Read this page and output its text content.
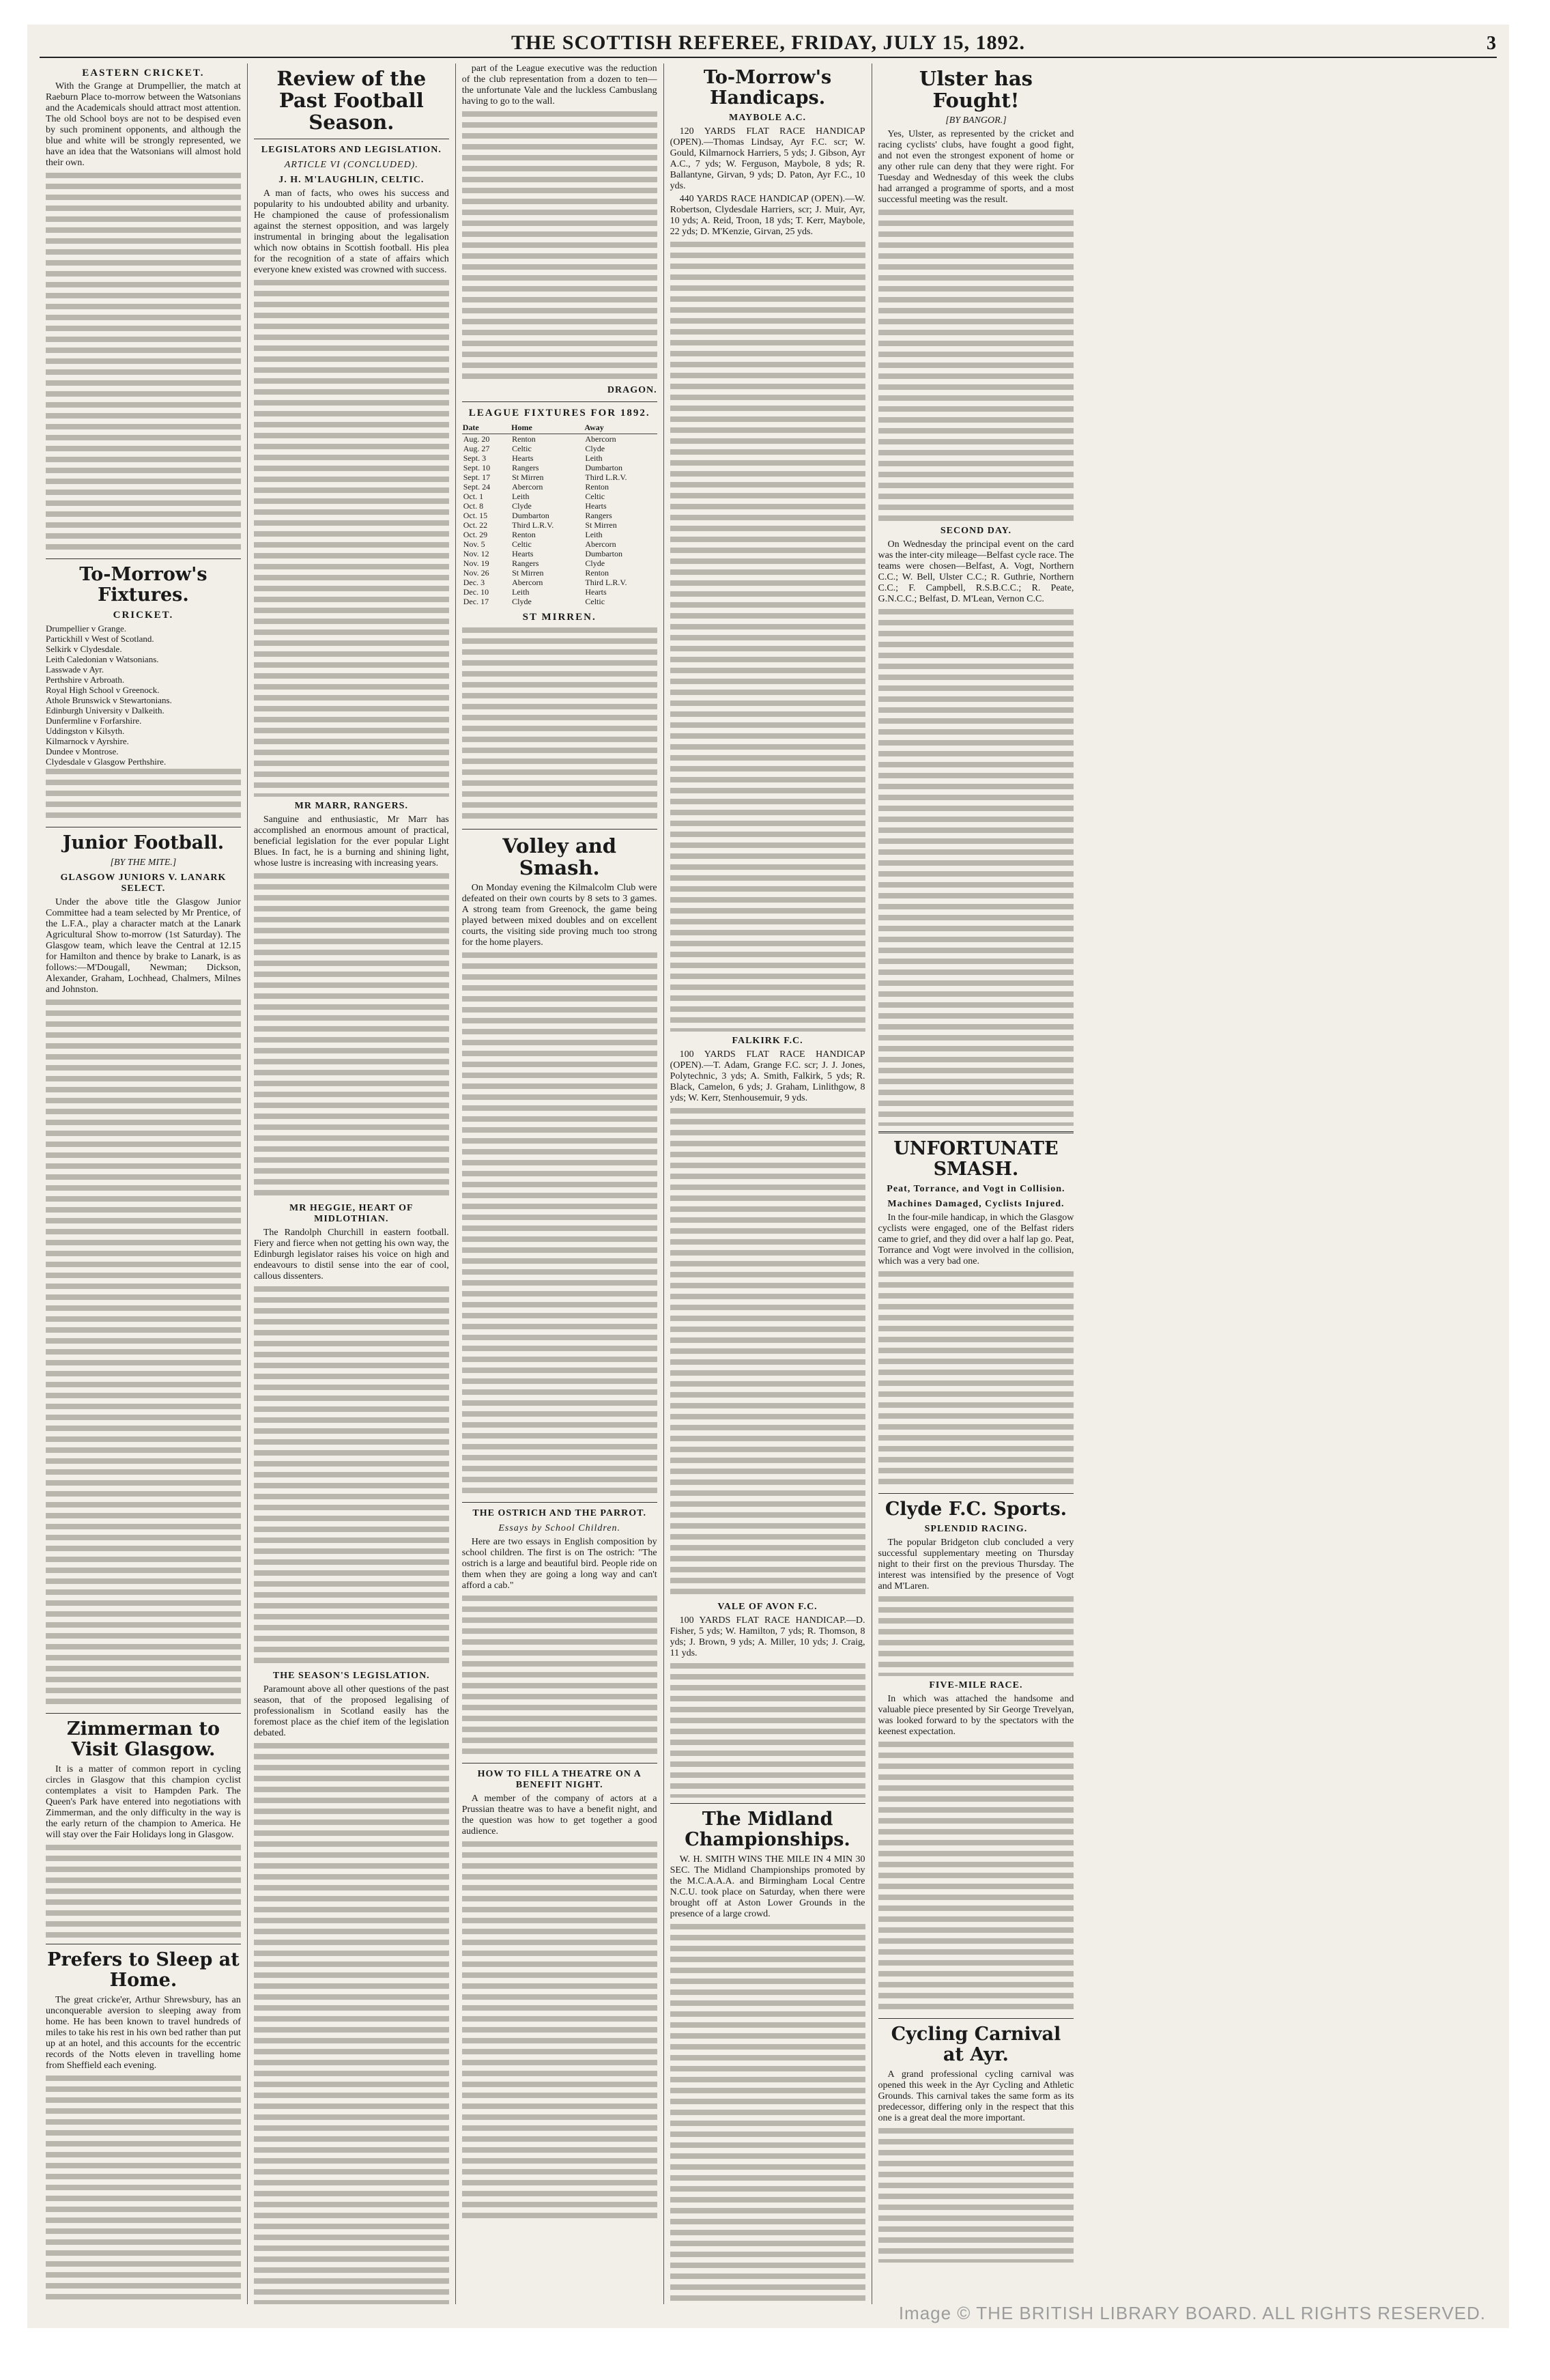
THE SCOTTISH REFEREE, FRIDAY, JULY 15, 1892.	3
EASTERN CRICKET.

With the Grange at Drumpellier, the match at Raeburn Place to-morrow between the Watsonians and the Academicals should attract most attention. The old School boys are not to be despised even by such prominent opponents, and although the blue and white will be strongly represented, we have an idea that the Watsonians will almost hold their own.

To-Morrow's Fixtures.
CRICKET.
Drumpellier v Grange.
Partickhill v West of Scotland.
Selkirk v Clydesdale.
Leith Caledonian v Watsonians.
Lasswade v Ayr.
Perthshire v Arbroath.
Royal High School v Greenock.
Athole Brunswick v Stewartonians.
Edinburgh University v Dalkeith.
Dunfermline v Forfarshire.
Uddingston v Kilsyth.
Kilmarnock v Ayrshire.
Dundee v Montrose.
Clydesdale v Glasgow Perthshire.
Junior Football.
[BY THE MITE.]
GLASGOW JUNIORS V. LANARK SELECT.

Under the above title the Glasgow Junior Committee had a team selected by Mr Prentice, of the L.F.A., play a character match at the Lanark Agricultural Show to-morrow (1st Saturday). The Glasgow team, which leave the Central at 12.15 for Hamilton and thence by brake to Lanark, is as follows:—M'Dougall, Newman; Dickson, Alexander, Graham, Lochhead, Chalmers, Milnes and Johnston.

Zimmerman to Visit Glasgow.

It is a matter of common report in cycling circles in Glasgow that this champion cyclist contemplates a visit to Hampden Park. The Queen's Park have entered into negotiations with Zimmerman, and the only difficulty in the way is the early return of the champion to America. He will stay over the Fair Holidays long in Glasgow.

Prefers to Sleep at Home.

The great cricke'er, Arthur Shrewsbury, has an unconquerable aversion to sleeping away from home. He has been known to travel hundreds of miles to take his rest in his own bed rather than put up at an hotel, and this accounts for the eccentric records of the Notts eleven in travelling home from Sheffield each evening.

Review of the Past Football Season.
LEGISLATORS AND LEGISLATION.
ARTICLE VI (CONCLUDED).
J. H. M'LAUGHLIN, CELTIC.

A man of facts, who owes his success and popularity to his undoubted ability and urbanity. He championed the cause of professionalism against the sternest opposition, and was largely instrumental in bringing about the legalisation which now obtains in Scottish football. His plea for the recognition of a state of affairs which everyone knew existed was crowned with success.

MR MARR, RANGERS.

Sanguine and enthusiastic, Mr Marr has accomplished an enormous amount of practical, beneficial legislation for the ever popular Light Blues. In fact, he is a burning and shining light, whose lustre is increasing with increasing years.

MR HEGGIE, HEART OF MIDLOTHIAN.

The Randolph Churchill in eastern football. Fiery and fierce when not getting his own way, the Edinburgh legislator raises his voice on high and endeavours to distil sense into the ear of cool, callous dissenters.

THE SEASON'S LEGISLATION.

Paramount above all other questions of the past season, that of the proposed legalising of professionalism in Scotland easily has the foremost place as the chief item of the legislation debated.

part of the League executive was the reduction of the club representation from a dozen to ten—the unfortunate Vale and the luckless Cambuslang having to go to the wall.

DRAGON.
LEAGUE FIXTURES FOR 1892.
Date	Home	Away
Aug. 20	Renton	Abercorn
Aug. 27	Celtic	Clyde
Sept. 3	Hearts	Leith
Sept. 10	Rangers	Dumbarton
Sept. 17	St Mirren	Third L.R.V.
Sept. 24	Abercorn	Renton
Oct. 1	Leith	Celtic
Oct. 8	Clyde	Hearts
Oct. 15	Dumbarton	Rangers
Oct. 22	Third L.R.V.	St Mirren
Oct. 29	Renton	Leith
Nov. 5	Celtic	Abercorn
Nov. 12	Hearts	Dumbarton
Nov. 19	Rangers	Clyde
Nov. 26	St Mirren	Renton
Dec. 3	Abercorn	Third L.R.V.
Dec. 10	Leith	Hearts
Dec. 17	Clyde	Celtic
ST MIRREN.
Volley and Smash.

On Monday evening the Kilmalcolm Club were defeated on their own courts by 8 sets to 3 games. A strong team from Greenock, the game being played between mixed doubles and on excellent courts, the visiting side proving much too strong for the home players.

THE OSTRICH AND THE PARROT.
Essays by School Children.

Here are two essays in English composition by school children. The first is on The ostrich: "The ostrich is a large and beautiful bird. People ride on them when they are going a long way and can't afford a cab."

HOW TO FILL A THEATRE ON A BENEFIT NIGHT.

A member of the company of actors at a Prussian theatre was to have a benefit night, and the question was how to get together a good audience.

To-Morrow's Handicaps.
MAYBOLE A.C.

120 YARDS FLAT RACE HANDICAP (OPEN).—Thomas Lindsay, Ayr F.C. scr; W. Gould, Kilmarnock Harriers, 5 yds; J. Gibson, Ayr A.C., 7 yds; W. Ferguson, Maybole, 8 yds; R. Ballantyne, Girvan, 9 yds; D. Paton, Ayr F.C., 10 yds.

440 YARDS RACE HANDICAP (OPEN).—W. Robertson, Clydesdale Harriers, scr; J. Muir, Ayr, 10 yds; A. Reid, Troon, 18 yds; T. Kerr, Maybole, 22 yds; D. M'Kenzie, Girvan, 25 yds.

FALKIRK F.C.

100 YARDS FLAT RACE HANDICAP (OPEN).—T. Adam, Grange F.C. scr; J. J. Jones, Polytechnic, 3 yds; A. Smith, Falkirk, 5 yds; R. Black, Camelon, 6 yds; J. Graham, Linlithgow, 8 yds; W. Kerr, Stenhousemuir, 9 yds.

VALE OF AVON F.C.

100 YARDS FLAT RACE HANDICAP.—D. Fisher, 5 yds; W. Hamilton, 7 yds; R. Thomson, 8 yds; J. Brown, 9 yds; A. Miller, 10 yds; J. Craig, 11 yds.

The Midland Championships.

W. H. SMITH WINS THE MILE IN 4 MIN 30 SEC. The Midland Championships promoted by the M.C.A.A.A. and Birmingham Local Centre N.C.U. took place on Saturday, when there were brought off at Aston Lower Grounds in the presence of a large crowd.

Ulster has Fought!
[BY BANGOR.]

Yes, Ulster, as represented by the cricket and racing cyclists' clubs, have fought a good fight, and not even the strongest exponent of home or any other rule can deny that they were right. For Tuesday and Wednesday of this week the clubs had arranged a programme of sports, and a most successful meeting was the result.

SECOND DAY.

On Wednesday the principal event on the card was the inter-city mileage—Belfast cycle race. The teams were chosen—Belfast, A. Vogt, Northern C.C.; W. Bell, Ulster C.C.; R. Guthrie, Northern C.C.; F. Campbell, R.S.B.C.C.; R. Peate, G.N.C.C.; Belfast, D. M'Lean, Vernon C.C.

UNFORTUNATE SMASH.
Peat, Torrance, and Vogt in Collision.
Machines Damaged, Cyclists Injured.

In the four-mile handicap, in which the Glasgow cyclists were engaged, one of the Belfast riders came to grief, and they did over a half lap go. Peat, Torrance and Vogt were involved in the collision, which was a very bad one.

Clyde F.C. Sports.
SPLENDID RACING.

The popular Bridgeton club concluded a very successful supplementary meeting on Thursday night to their first on the previous Thursday. The interest was intensified by the presence of Vogt and M'Laren.

FIVE-MILE RACE.

In which was attached the handsome and valuable piece presented by Sir George Trevelyan, was looked forward to by the spectators with the keenest expectation.

Cycling Carnival at Ayr.

A grand professional cycling carnival was opened this week in the Ayr Cycling and Athletic Grounds. This carnival takes the same form as its predecessor, differing only in the respect that this one is a great deal the more important.

Image © THE BRITISH LIBRARY BOARD. ALL RIGHTS RESERVED.
